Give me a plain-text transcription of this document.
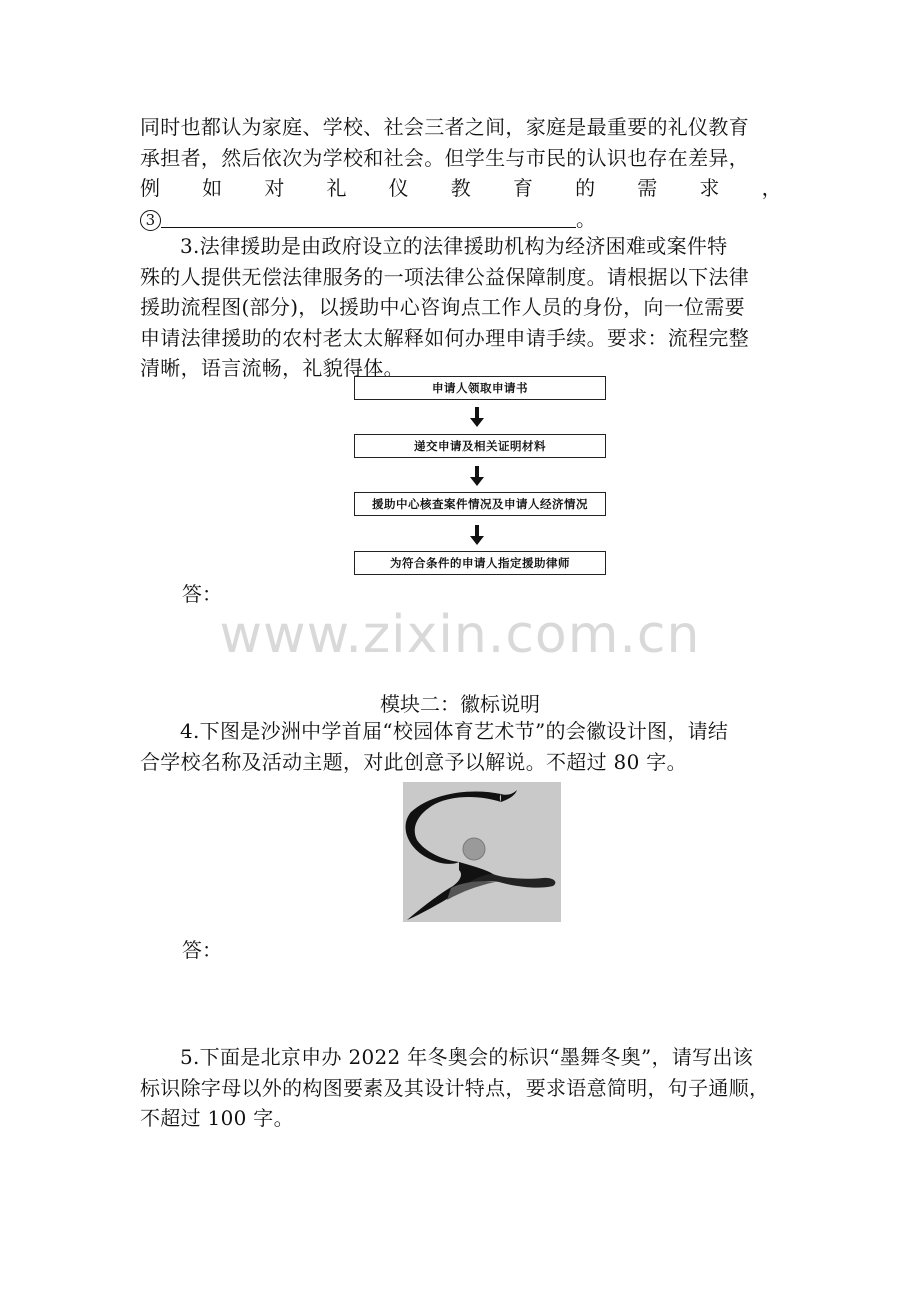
同时也都认为家庭、学校、社会三者之间，家庭是最重要的礼仪教育
承担者，然后依次为学校和社会。但学生与市民的认识也存在差异，
例 如 对 礼 仪 教 育 的 需 求 ，
3	。
3.法律援助是由政府设立的法律援助机构为经济困难或案件特
殊的人提供无偿法律服务的一项法律公益保障制度。请根据以下法律
援助流程图(部分)，以援助中心咨询点工作人员的身份，向一位需要
申请法律援助的农村老太太解释如何办理申请手续。要求：流程完整
清晰，语言流畅，礼貌得体。
申请人领取申请书
递交申请及相关证明材料
援助中心核查案件情况及申请人经济情况
为符合条件的申请人指定援助律师
答：
www.zixin.com.cn
模块二：徽标说明
4.下图是沙洲中学首届“校园体育艺术节”的会徽设计图，请结
合学校名称及活动主题，对此创意予以解说。不超过 80 字。
答：
5.下面是北京申办 2022 年冬奥会的标识“墨舞冬奥”，请写出该
标识除字母以外的构图要素及其设计特点，要求语意简明，句子通顺，
不超过 100 字。
